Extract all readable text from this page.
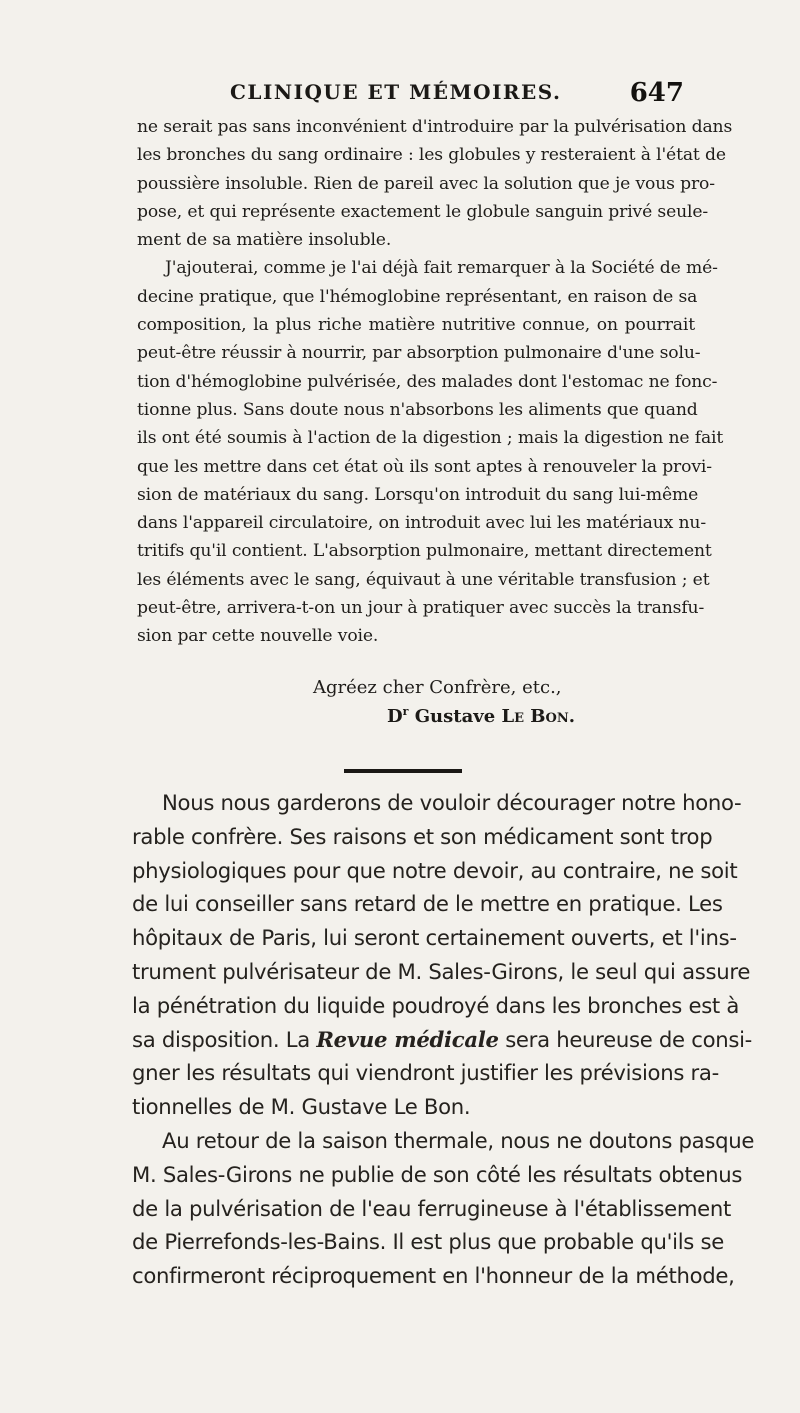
CLINIQUE ET MÉMOIRES.	647
ne serait pas sans inconvénient d'introduire par la pulvérisation dans
les bronches du sang ordinaire : les globules y resteraient à l'état de
poussière insoluble. Rien de pareil avec la solution que je vous pro-
pose, et qui représente exactement le globule sanguin privé seule-
ment de sa matière insoluble.
J'ajouterai, comme je l'ai déjà fait remarquer à la Société de mé-
decine pratique, que l'hémoglobine représentant, en raison de sa
composition, la plus riche matière nutritive connue, on pourrait
peut-être réussir à nourrir, par absorption pulmonaire d'une solu-
tion d'hémoglobine pulvérisée, des malades dont l'estomac ne fonc-
tionne plus. Sans doute nous n'absorbons les aliments que quand
ils ont été soumis à l'action de la digestion ; mais la digestion ne fait
que les mettre dans cet état où ils sont aptes à renouveler la provi-
sion de matériaux du sang. Lorsqu'on introduit du sang lui-même
dans l'appareil circulatoire, on introduit avec lui les matériaux nu-
tritifs qu'il contient. L'absorption pulmonaire, mettant directement
les éléments avec le sang, équivaut à une véritable transfusion ; et
peut-être, arrivera-t-on un jour à pratiquer avec succès la transfu-
sion par cette nouvelle voie.
Agréez cher Confrère, etc.,
$D^r$ Gustave Le Bon.
Nous nous garderons de vouloir décourager notre hono-
rable confrère. Ses raisons et son médicament sont trop
physiologiques pour que notre devoir, au contraire, ne soit
de lui conseiller sans retard de le mettre en pratique. Les
hôpitaux de Paris, lui seront certainement ouverts, et l'ins-
trument pulvérisateur de M. Sales-Girons, le seul qui assure
la pénétration du liquide poudroyé dans les bronches est à
sa disposition. La Revue médicale sera heureuse de consi-
gner les résultats qui viendront justifier les prévisions ra-
tionnelles de M. Gustave Le Bon.
Au retour de la saison thermale, nous ne doutons pasque
M. Sales-Girons ne publie de son côté les résultats obtenus
de la pulvérisation de l'eau ferrugineuse à l'établissement
de Pierrefonds-les-Bains. Il est plus que probable qu'ils se
confirmeront réciproquement en l'honneur de la méthode,
